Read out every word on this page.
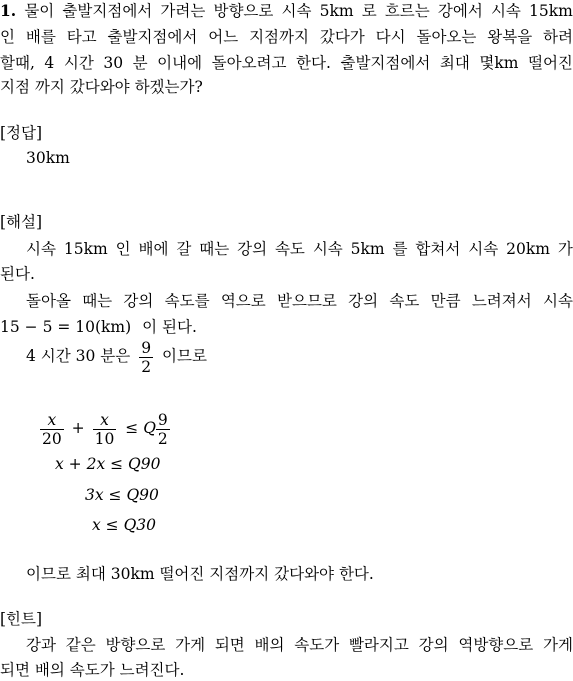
1. 물이 출발지점에서 가려는 방향으로 시속 5km 로 흐르는 강에서 시속 15km
인 배를 타고 출발지점에서 어느 지점까지 갔다가 다시 돌아오는 왕복을 하려
할때, 4 시간 30 분 이내에 돌아오려고 한다. 출발지점에서 최대 몇km 떨어진
지점 까지 갔다와야 하겠는가?
[정답]
30km
[해설]
시속 15km 인 배에 갈 때는 강의 속도 시속 5km 를 합쳐서 시속 20km 가
된다.
돌아올 때는 강의 속도를 역으로 받으므로 강의 속도 만큼 느려져서 시속
15 − 5 = 10(km) 이 된다.
4 시간 30 분은 $\frac{9}{2}$ 이므로
$\frac{x}{20} + \frac{x}{10} \le Q \frac{9}{2}$
x + 2x ≤ Q90
3x ≤ Q90
x ≤ Q30
이므로 최대 30km 떨어진 지점까지 갔다와야 한다.
[힌트]
강과 같은 방향으로 가게 되면 배의 속도가 빨라지고 강의 역방향으로 가게
되면 배의 속도가 느려진다.
